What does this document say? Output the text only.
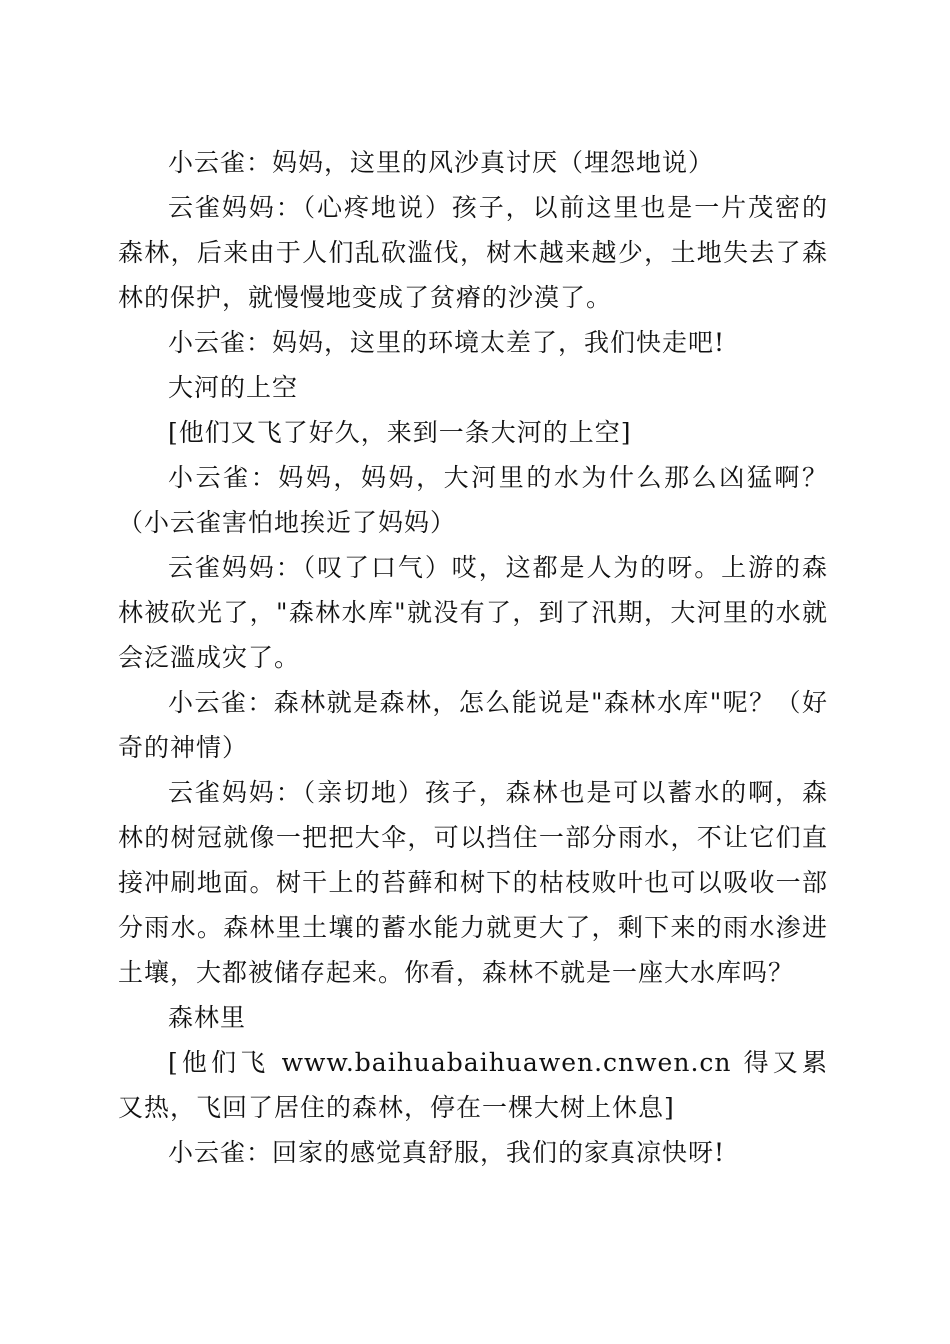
小云雀：妈妈，这里的风沙真讨厌（埋怨地说）

云雀妈妈：（心疼地说）孩子，以前这里也是一片茂密的森林，后来由于人们乱砍滥伐，树木越来越少，土地失去了森林的保护，就慢慢地变成了贫瘠的沙漠了。

小云雀：妈妈，这里的环境太差了，我们快走吧!

大河的上空

[他们又飞了好久，来到一条大河的上空]

小云雀：妈妈，妈妈，大河里的水为什么那么凶猛啊？（小云雀害怕地挨近了妈妈）

云雀妈妈：（叹了口气）哎，这都是人为的呀。上游的森林被砍光了，"森林水库"就没有了，到了汛期，大河里的水就会泛滥成灾了。

小云雀：森林就是森林，怎么能说是"森林水库"呢？（好奇的神情）

云雀妈妈：（亲切地）孩子，森林也是可以蓄水的啊，森林的树冠就像一把把大伞，可以挡住一部分雨水，不让它们直接冲刷地面。树干上的苔藓和树下的枯枝败叶也可以吸收一部分雨水。森林里土壤的蓄水能力就更大了，剩下来的雨水渗进土壤，大都被储存起来。你看，森林不就是一座大水库吗？

森林里

[他们飞 www.baihuabaihuawen.cnwen.cn 得又累又热，飞回了居住的森林，停在一棵大树上休息]

小云雀：回家的感觉真舒服，我们的家真凉快呀!
